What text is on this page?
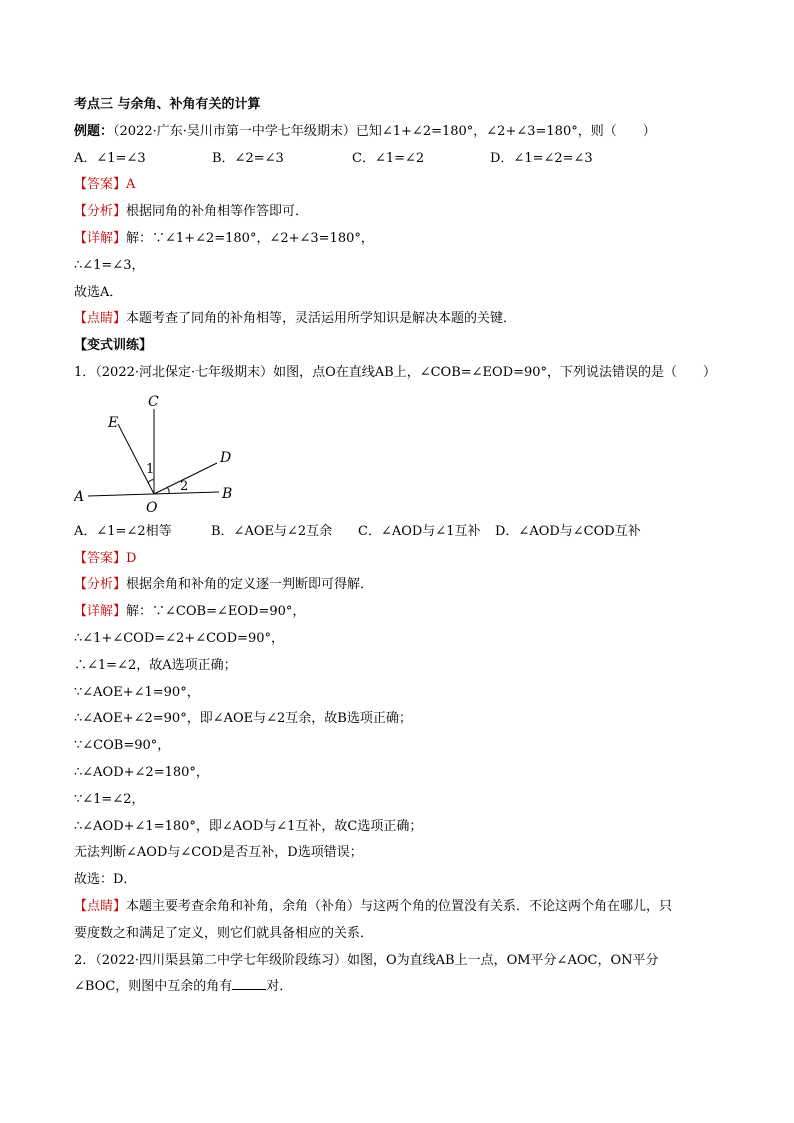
考点三 与余角、补角有关的计算
例题：（2022·广东·吴川市第一中学七年级期末）已知∠1+∠2=180°，∠2+∠3=180°，则（　　）
A．∠1=∠3	B．∠2=∠3	C．∠1=∠2	D．∠1=∠2=∠3
【答案】A
【分析】根据同角的补角相等作答即可．
【详解】解：∵∠1+∠2=180°，∠2+∠3=180°，
∴∠1=∠3，
故选A．
【点睛】本题考查了同角的补角相等，灵活运用所学知识是解决本题的关键．
【变式训练】
1．（2022·河北保定·七年级期末）如图，点O在直线AB上，∠COB=∠EOD=90°，下列说法错误的是（　　）
A	B
C
D
E
O
1
2
A．∠1=∠2相等	B．∠AOE与∠2互余 C．∠AOD与∠1互补 D．∠AOD与∠COD互补
【答案】D
【分析】根据余角和补角的定义逐一判断即可得解．
【详解】解：∵∠COB=∠EOD=90°，
∴∠1+∠COD=∠2+∠COD=90°，
∴∠1=∠2，故A选项正确；
∵∠AOE+∠1=90°，
∴∠AOE+∠2=90°，即∠AOE与∠2互余，故B选项正确；
∵∠COB=90°，
∴∠AOD+∠2=180°，
∵∠1=∠2，
∴∠AOD+∠1=180°，即∠AOD与∠1互补，故C选项正确；
无法判断∠AOD与∠COD是否互补，D选项错误；
故选：D．
【点睛】本题主要考查余角和补角，余角（补角）与这两个角的位置没有关系．不论这两个角在哪儿，只
要度数之和满足了定义，则它们就具备相应的关系．
2．（2022·四川渠县第二中学七年级阶段练习）如图，O为直线AB上一点，OM平分∠AOC，ON平分
∠BOC，则图中互余的角有	对．
